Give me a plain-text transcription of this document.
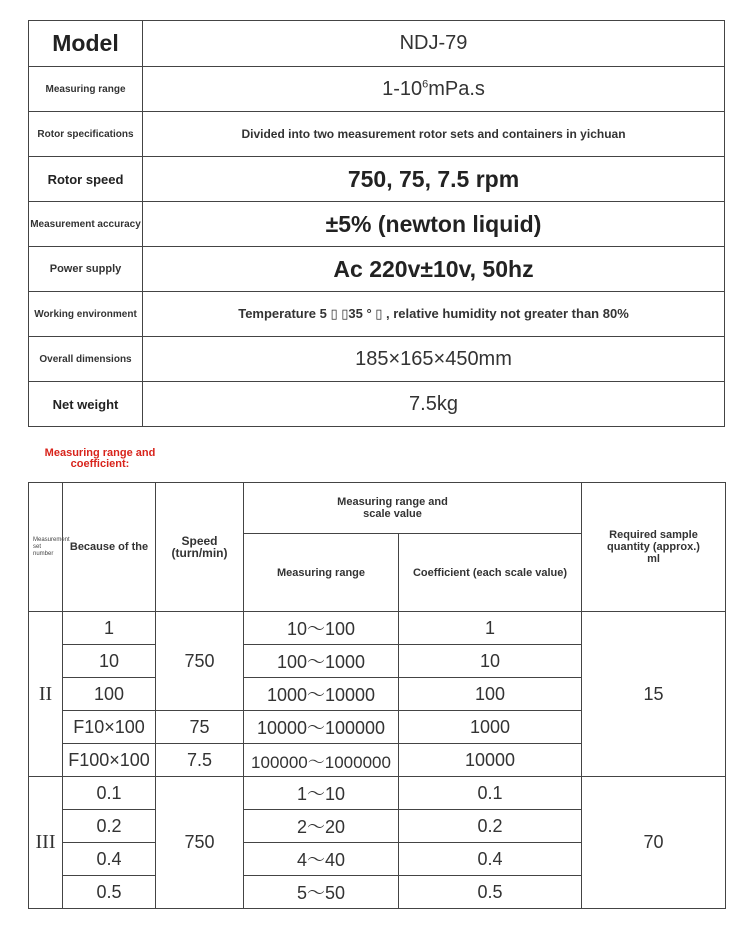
Model	NDJ-79
Measuring range	$1-10^6mPa.s$
Rotor specifications	Divided into two measurement rotor sets and containers in yichuan
Rotor speed	750, 75, 7.5 rpm
Measurement accuracy	±5% (newton liquid)
Power supply	Ac 220v±10v, 50hz
Working environment	Temperature 5 ▯ ▯35 ° ▯ , relative humidity not greater than 80%
Overall dimensions	185×165×450mm
Net weight	7.5kg
Measuring range and coefficient:
Measurement set number	Because of the	Speed (turn/min)	Measuring range and scale value		Required sample quantity (approx.) ml
			Measuring range	Coefficient (each scale value)	
II	1	750	10～100	1	15
	10		100～1000	10	
	100		1000～10000	100	
	F10×100	75	10000～100000	1000	
	F100×100	7.5	100000～1000000	10000	
III	0.1	750	1～10	0.1	70
	0.2		2～20	0.2	
	0.4		4～40	0.4	
	0.5		5～50	0.5	
